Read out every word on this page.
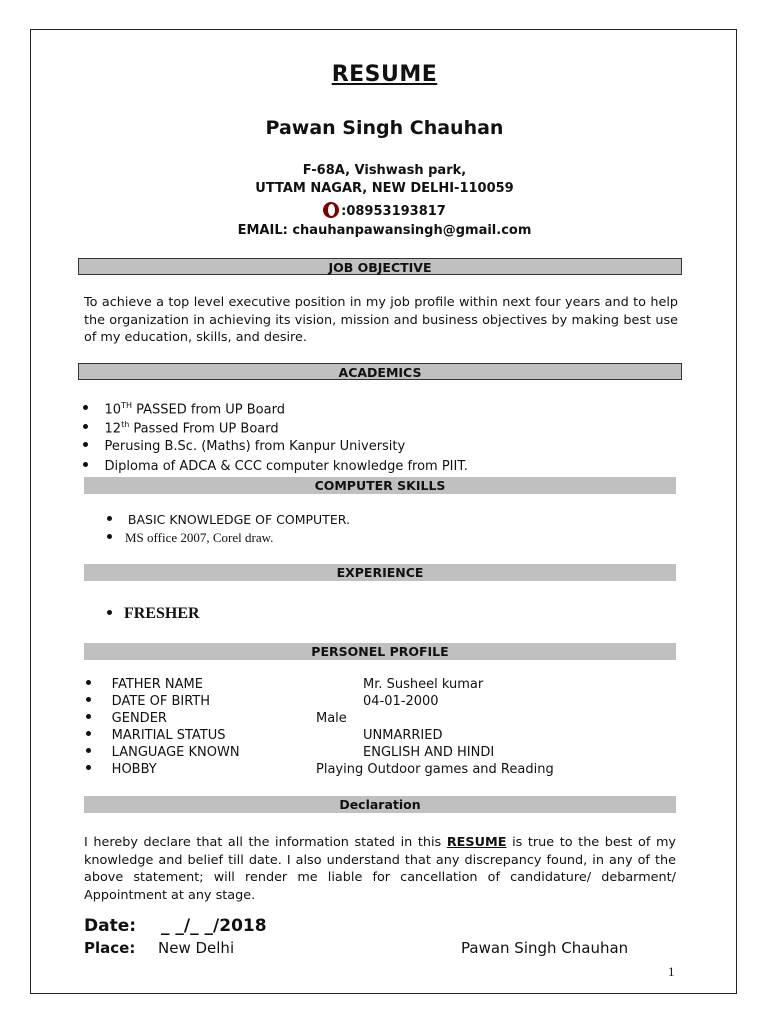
RESUME
Pawan Singh Chauhan
F-68A, Vishwash park,
UTTAM NAGAR, NEW DELHI-110059
:08953193817
EMAIL: chauhanpawansingh@gmail.com
JOB OBJECTIVE
To achieve a top level executive position in my job profile within next four years and to help the organization in achieving its vision, mission and business objectives by making best use of my education, skills, and desire.
ACADEMICS
10TH PASSED from UP Board
12th Passed From UP Board
Perusing B.Sc. (Maths) from Kanpur University
Diploma of ADCA & CCC computer knowledge from PIIT.
COMPUTER SKILLS
BASIC KNOWLEDGE OF COMPUTER.
MS office 2007, Corel draw.
EXPERIENCE
FRESHER
PERSONEL PROFILE
FATHER NAME	Mr. Susheel kumar
DATE OF BIRTH	04-01-2000
GENDER	Male
MARITIAL STATUS	UNMARRIED
LANGUAGE KNOWN	ENGLISH AND HINDI
HOBBY	Playing Outdoor games and Reading
Declaration
I hereby declare that all the information stated in this RESUME is true to the best of my knowledge and belief till date. I also understand that any discrepancy found, in any of the above statement; will render me liable for cancellation of candidature/ debarment/ Appointment at any stage.
Date: _ _/_ _/2018
Place: New Delhi	Pawan Singh Chauhan
1
